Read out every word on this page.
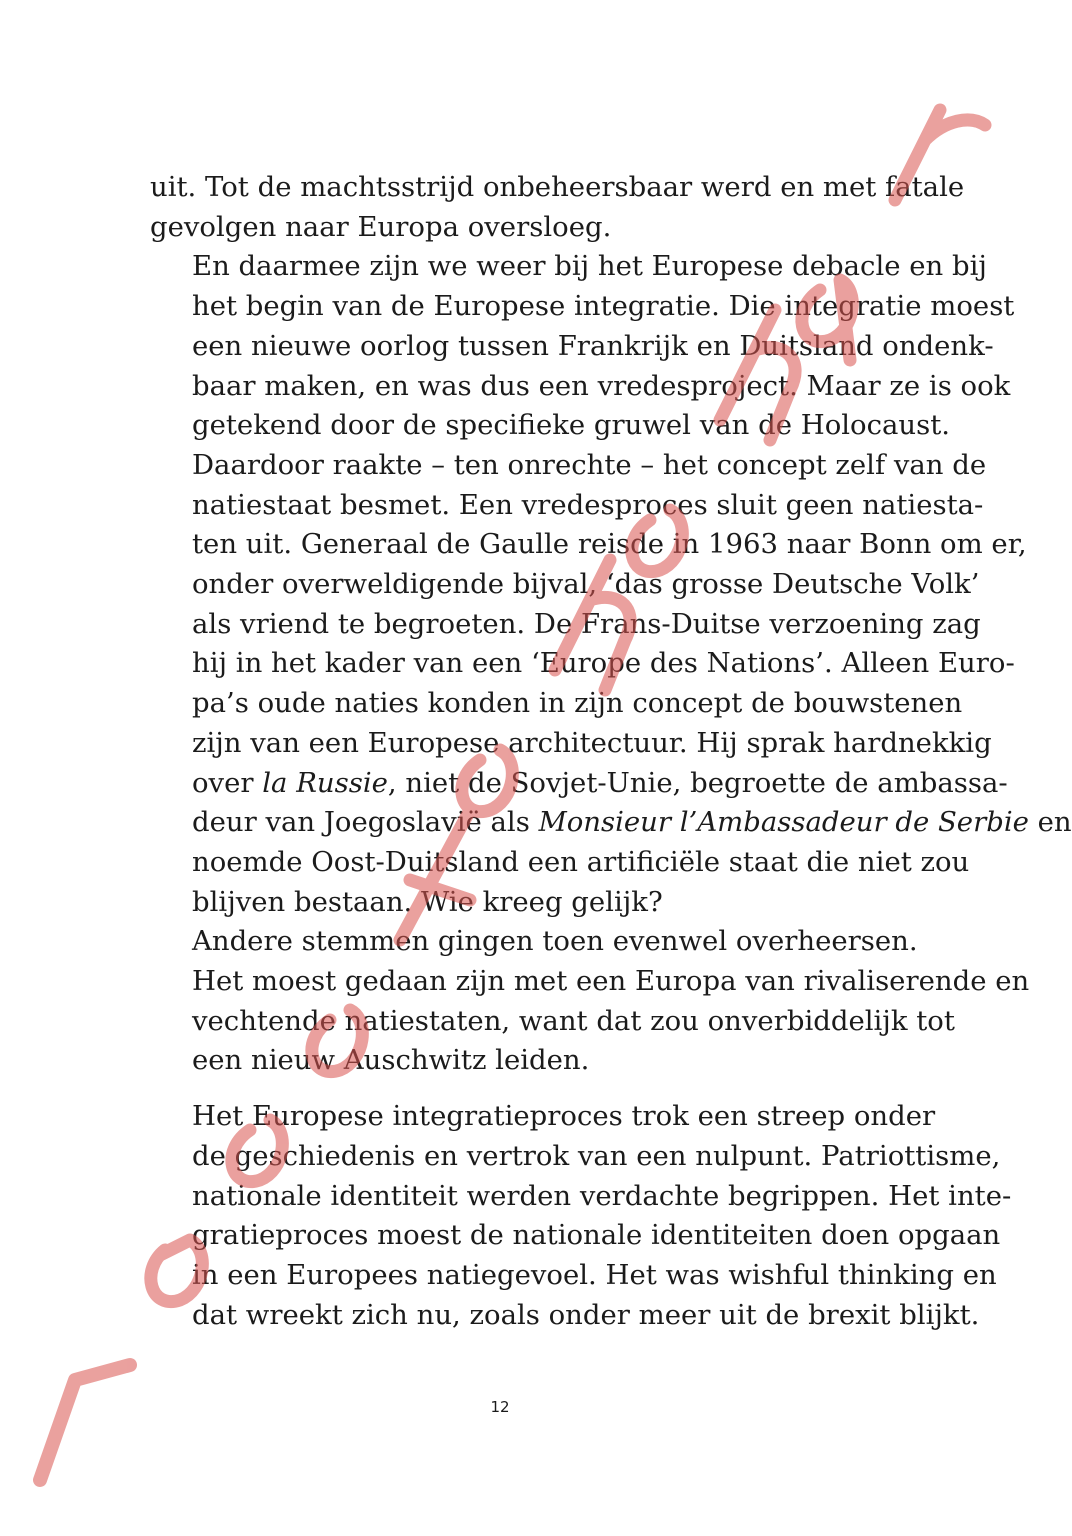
uit. Tot de machtsstrijd onbeheersbaar werd en met fatale
gevolgen naar Europa oversloeg.

En daarmee zijn we weer bij het Europese debacle en bij
het begin van de Europese integratie. Die integratie moest
een nieuwe oorlog tussen Frankrijk en Duitsland ondenk-
baar maken, en was dus een vredesproject. Maar ze is ook
getekend door de specifieke gruwel van de Holocaust.
Daardoor raakte – ten onrechte – het concept zelf van de
natiestaat besmet. Een vredesproces sluit geen natiesta-
ten uit. Generaal de Gaulle reisde in 1963 naar Bonn om er,
onder overweldigende bijval, ‘das grosse Deutsche Volk’
als vriend te begroeten. De Frans-Duitse verzoening zag
hij in het kader van een ‘Europe des Nations’. Alleen Euro-
pa’s oude naties konden in zijn concept de bouwstenen
zijn van een Europese architectuur. Hij sprak hardnekkig
over la Russie, niet de Sovjet-Unie, begroette de ambassa-
deur van Joegoslavië als Monsieur l’Ambassadeur de Serbie en
noemde Oost-Duitsland een artificiële staat die niet zou
blijven bestaan. Wie kreeg gelijk?

Andere stemmen gingen toen evenwel overheersen.
Het moest gedaan zijn met een Europa van rivaliserende en
vechtende natiestaten, want dat zou onverbiddelijk tot
een nieuw Auschwitz leiden.

Het Europese integratieproces trok een streep onder
de geschiedenis en vertrok van een nulpunt. Patriottisme,
nationale identiteit werden verdachte begrippen. Het inte-
gratieproces moest de nationale identiteiten doen opgaan
in een Europees natiegevoel. Het was wishful thinking en
dat wreekt zich nu, zoals onder meer uit de brexit blijkt.

12
